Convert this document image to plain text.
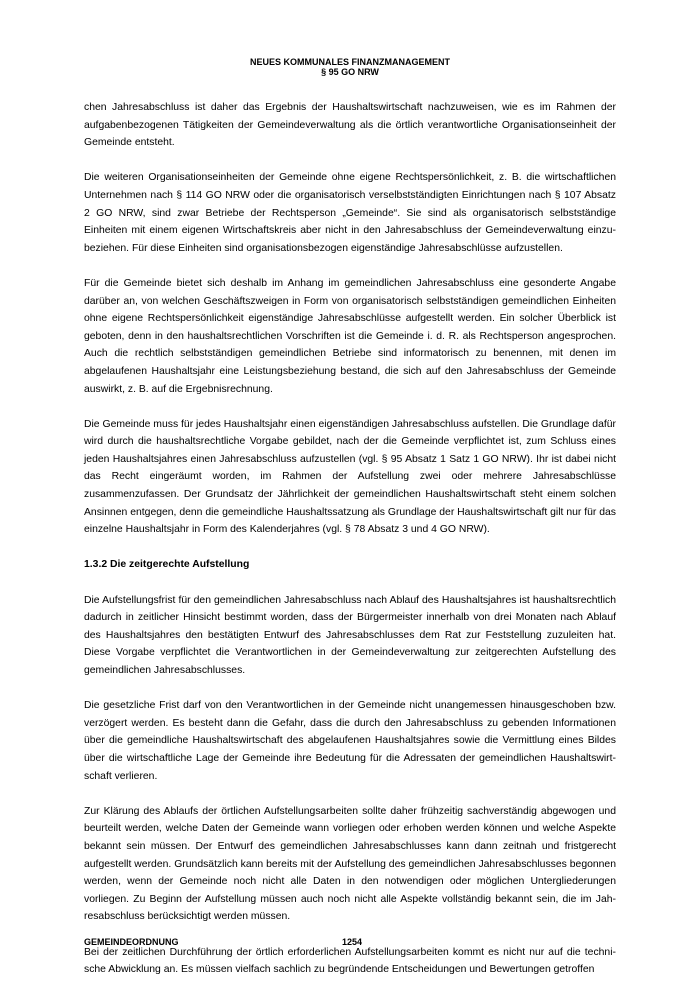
NEUES KOMMUNALES FINANZMANAGEMENT
§ 95 GO NRW

chen Jahresabschluss ist daher das Ergebnis der Haushaltswirtschaft nachzuweisen, wie es im Rahmen der aufgabenbezogenen Tätigkeiten der Gemeindeverwaltung als die örtlich verantwortliche Organisationseinheit der Gemeinde entsteht.

Die weiteren Organisationseinheiten der Gemeinde ohne eigene Rechtspersönlichkeit, z. B. die wirtschaftlichen Unternehmen nach § 114 GO NRW oder die organisatorisch verselbstständigten Einrichtungen nach § 107 Absatz 2 GO NRW, sind zwar Betriebe der Rechtsperson „Gemeinde“. Sie sind als organisatorisch selbstständige Einheiten mit einem eigenen Wirtschaftskreis aber nicht in den Jahresabschluss der Gemeindeverwaltung einzubeziehen. Für diese Einheiten sind organisationsbezogen eigenständige Jahresabschlüsse aufzustellen.

Für die Gemeinde bietet sich deshalb im Anhang im gemeindlichen Jahresabschluss eine gesonderte Angabe darüber an, von welchen Geschäftszweigen in Form von organisatorisch selbstständigen gemeindlichen Einheiten ohne eigene Rechtspersönlichkeit eigenständige Jahresabschlüsse aufgestellt werden. Ein solcher Überblick ist geboten, denn in den haushaltsrechtlichen Vorschriften ist die Gemeinde i. d. R. als Rechtsperson angesprochen. Auch die rechtlich selbstständigen gemeindlichen Betriebe sind informatorisch zu benennen, mit denen im abgelaufenen Haushaltsjahr eine Leistungsbeziehung bestand, die sich auf den Jahresabschluss der Gemeinde auswirkt, z. B. auf die Ergebnisrechnung.

Die Gemeinde muss für jedes Haushaltsjahr einen eigenständigen Jahresabschluss aufstellen. Die Grundlage dafür wird durch die haushaltsrechtliche Vorgabe gebildet, nach der die Gemeinde verpflichtet ist, zum Schluss eines jeden Haushaltsjahres einen Jahresabschluss aufzustellen (vgl. § 95 Absatz 1 Satz 1 GO NRW). Ihr ist dabei nicht das Recht eingeräumt worden, im Rahmen der Aufstellung zwei oder mehrere Jahresabschlüsse zusammenzufassen. Der Grundsatz der Jährlichkeit der gemeindlichen Haushaltswirtschaft steht einem solchen Ansinnen entgegen, denn die gemeindliche Haushaltssatzung als Grundlage der Haushaltswirtschaft gilt nur für das einzelne Haushaltsjahr in Form des Kalenderjahres (vgl. § 78 Absatz 3 und 4 GO NRW).

1.3.2 Die zeitgerechte Aufstellung

Die Aufstellungsfrist für den gemeindlichen Jahresabschluss nach Ablauf des Haushaltsjahres ist haushaltsrechtlich dadurch in zeitlicher Hinsicht bestimmt worden, dass der Bürgermeister innerhalb von drei Monaten nach Ablauf des Haushaltsjahres den bestätigten Entwurf des Jahresabschlusses dem Rat zur Feststellung zuzuleiten hat. Diese Vorgabe verpflichtet die Verantwortlichen in der Gemeindeverwaltung zur zeitgerechten Aufstellung des gemeindlichen Jahresabschlusses.

Die gesetzliche Frist darf von den Verantwortlichen in der Gemeinde nicht unangemessen hinausgeschoben bzw. verzögert werden. Es besteht dann die Gefahr, dass die durch den Jahresabschluss zu gebenden Informationen über die gemeindliche Haushaltswirtschaft des abgelaufenen Haushaltsjahres sowie die Vermittlung eines Bildes über die wirtschaftliche Lage der Gemeinde ihre Bedeutung für die Adressaten der gemeindlichen Haushaltswirtschaft verlieren.

Zur Klärung des Ablaufs der örtlichen Aufstellungsarbeiten sollte daher frühzeitig sachverständig abgewogen und beurteilt werden, welche Daten der Gemeinde wann vorliegen oder erhoben werden können und welche Aspekte bekannt sein müssen. Der Entwurf des gemeindlichen Jahresabschlusses kann dann zeitnah und fristgerecht aufgestellt werden. Grundsätzlich kann bereits mit der Aufstellung des gemeindlichen Jahresabschlusses begonnen werden, wenn der Gemeinde noch nicht alle Daten in den notwendigen oder möglichen Untergliederungen vorliegen. Zu Beginn der Aufstellung müssen auch noch nicht alle Aspekte vollständig bekannt sein, die im Jahresabschluss berücksichtigt werden müssen.

Bei der zeitlichen Durchführung der örtlich erforderlichen Aufstellungsarbeiten kommt es nicht nur auf die technische Abwicklung an. Es müssen vielfach sachlich zu begründende Entscheidungen und Bewertungen getroffen

GEMEINDEORDNUNG	1254
